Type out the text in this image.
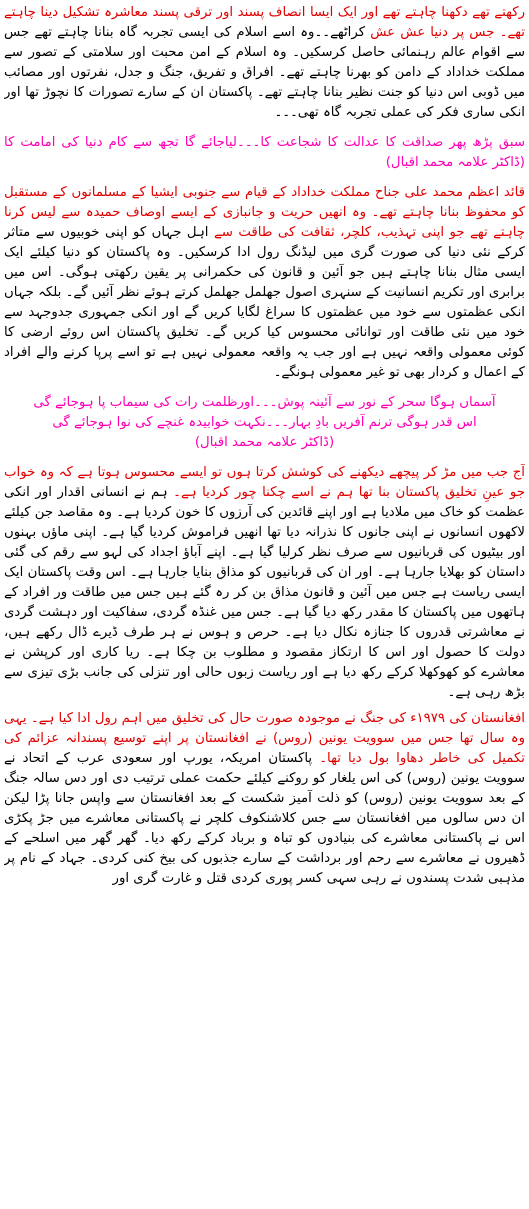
رکھتے تھے دکھنا چاہتے تھے اور ایک ایسا انصاف پسند اور ترقی پسند معاشرہ تشکیل دینا چاہتے تھے۔ جس پر دنیا عش عش کراٹھے۔۔وہ اسے اسلام کی ایسی تجربہ گاہ بنانا چاہتے تھے جس سے اقوام عالم رہنمائی حاصل کرسکیں۔ وہ اسلام کے امن محبت اور سلامتی کے تصور سے مملکت خداداد کے دامن کو بھرنا چاہتے تھے۔ افراق و تفریق، جنگ و جدل، نفرتوں اور مصائب میں ڈوبی اس دنیا کو جنت نظیر بنانا چاہتے تھے۔ پاکستان ان کے سارے تصورات کا نچوڑ تھا اور انکی ساری فکر کی عملی تجربہ گاہ تھی۔۔۔

سبق پڑھ پھر صداقت کا عدالت کا شجاعت کا۔۔۔لیاجائے گا تجھ سے کام دنیا کی امامت کا (ڈاکٹر علامہ محمد اقبال)

قائد اعظم محمد علی جناح مملکت خداداد کے قیام سے جنوبی ایشیا کے مسلمانوں کے مستقبل کو محفوظ بنانا چاہتے تھے۔ وہ انھیں حریت و جانبازی کے ایسے اوصاف حمیدہ سے لیس کرنا چاہتے تھے جو اپنی تہذیب، کلچر، ثقافت کی طاقت سے اہل جہاں کو اپنی خوبیوں سے متاثر کرکے نئی دنیا کی صورت گری میں لیڈنگ رول ادا کرسکیں۔ وہ پاکستان کو دنیا کیلئے ایک ایسی مثال بنانا چاہتے ہیں جو آئین و قانون کی حکمرانی پر یقین رکھتی ہوگی۔ اس میں برابری اور تکریم انسانیت کے سنہری اصول جھلمل جھلمل کرتے ہوئے نظر آئیں گے۔ بلکہ جہاں انکی عظمتوں سے خود میں عظمتوں کا سراغ لگایا کریں گے اور انکی جمہوری جدوجہد سے خود میں نئی طاقت اور توانائی محسوس کیا کریں گے۔ تخلیق پاکستان اس روئے ارضی کا کوئی معمولی واقعہ نہیں ہے اور جب یہ واقعہ معمولی نہیں ہے تو اسے پرپا کرنے والے افراد کے اعمال و کردار بھی تو غیر معمولی ہونگے۔

آسماں ہوگا سحر کے نور سے آئینہ پوش۔۔۔اورظلمت رات کی سیماب پا ہوجائے گی

اس قدر ہوگی ترنم آفریں بادِ بہار۔۔۔نکہت خوابیدہ غنچے کی نوا ہوجائے گی

(ڈاکٹر علامہ محمد اقبال)

آج جب میں مڑ کر پیچھے دیکھنے کی کوشش کرتا ہوں تو ایسے محسوس ہوتا ہے کہ وہ خواب جو عینِ تخلیق پاکستان بنا تھا ہم نے اسے چکنا چور کردیا ہے۔ ہم نے انسانی اقدار اور انکی عظمت کو خاک میں ملادیا ہے اور اپنے قائدین کی آرزوں کا خون کردیا ہے۔ وہ مقاصد جن کیلئے لاکھوں انسانوں نے اپنی جانوں کا نذرانہ دیا تھا انھیں فراموش کردیا گیا ہے۔ اپنی ماؤں بہنوں اور بیٹیوں کی قربانیوں سے صرف نظر کرلیا گیا ہے۔ اپنے آباؤ اجداد کی لہو سے رقم کی گئی داستان کو بھلایا جارہا ہے۔ اور ان کی قربانیوں کو مذاق بنایا جارہا ہے۔ اس وقت پاکستان ایک ایسی ریاست ہے جس میں آئین و قانون مذاق بن کر رہ گئے ہیں جس میں طاقت ور افراد کے ہاتھوں میں پاکستان کا مقدر رکھ دیا گیا ہے۔ جس میں غنڈہ گردی، سفاکیت اور دہشت گردی نے معاشرتی قدروں کا جنازہ نکال دیا ہے۔ حرص و ہوس نے ہر طرف ڈیرے ڈال رکھے ہیں، دولت کا حصول اور اس کا ارتکاز مقصود و مطلوب بن چکا ہے۔ ریا کاری اور کرپشن نے معاشرے کو کھوکھلا کرکے رکھ دیا ہے اور ریاست زبوں حالی اور تنزلی کی جانب بڑی تیزی سے بڑھ رہی ہے۔

افغانستان کی ۱۹۷۹ء کی جنگ نے موجودہ صورت حال کی تخلیق میں اہم رول ادا کیا ہے۔ یہی وہ سال تھا جس میں سوویت یونین (روس) نے افغانستان پر اپنے توسیع پسندانہ عزائم کی تکمیل کی خاطر دھاوا بول دیا تھا۔ پاکستان امریکہ، یورپ اور سعودی عرب کے اتحاد نے سوویت یونین (روس) کی اس یلغار کو روکنے کیلئے حکمت عملی ترتیب دی اور دس سالہ جنگ کے بعد سوویت یونین (روس) کو ذلت آمیز شکست کے بعد افغانستان سے واپس جانا پڑا لیکن ان دس سالوں میں افغانستان سے جس کلاشنکوف کلچر نے پاکستانی معاشرے میں جڑ پکڑی اس نے پاکستانی معاشرے کی بنیادوں کو تباہ و برباد کرکے رکھ دیا۔ گھر گھر میں اسلحے کے ڈھیروں نے معاشرے سے رحم اور برداشت کے سارے جذبوں کی بیخ کنی کردی۔ جہاد کے نام پر مذہبی شدت پسندوں نے رہی سہی کسر پوری کردی قتل و غارت گری اور
